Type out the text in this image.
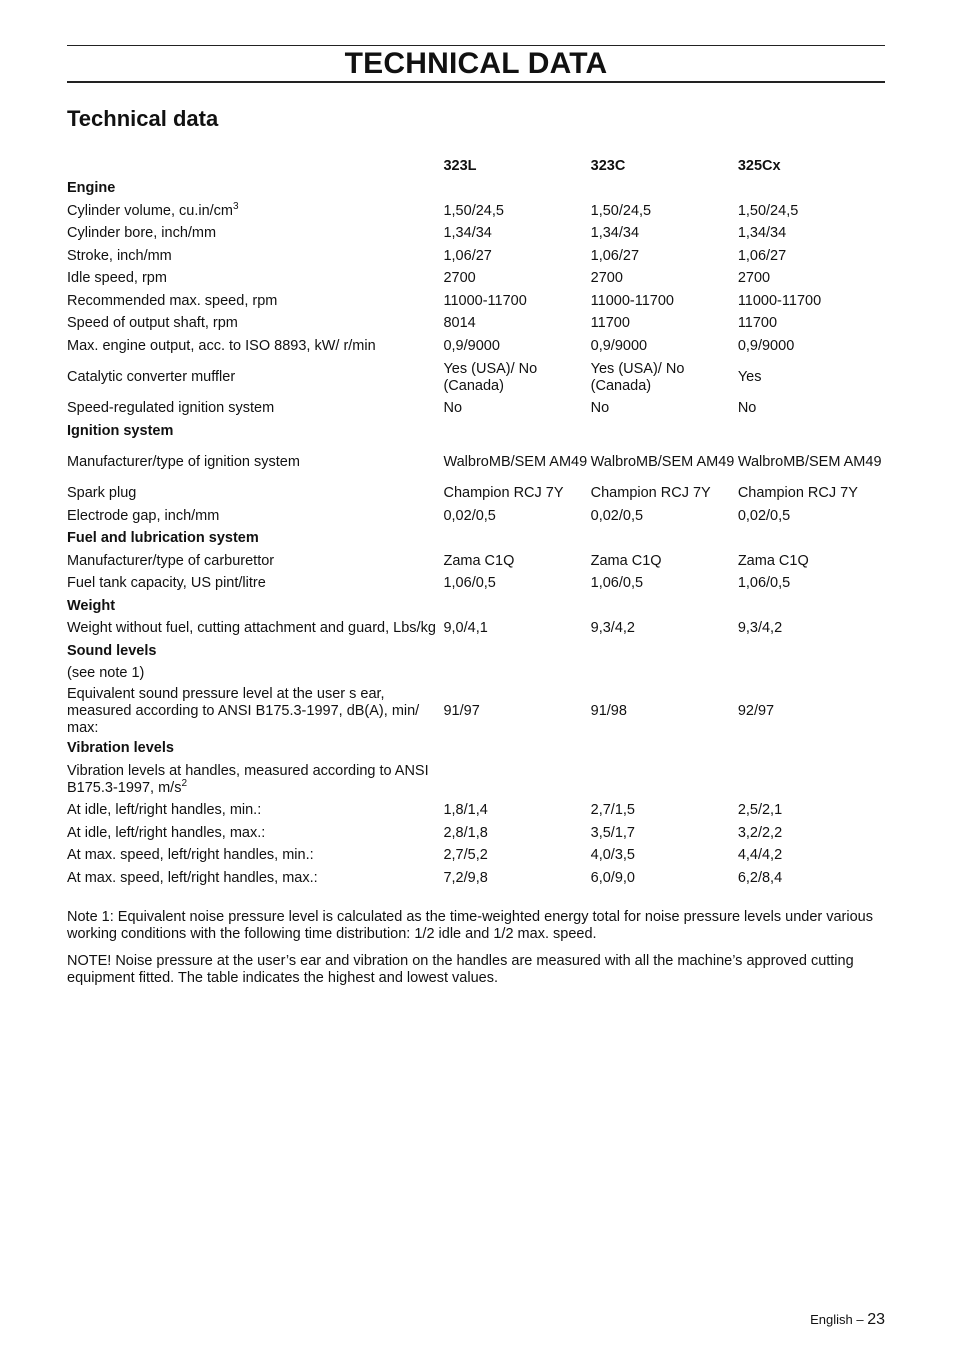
TECHNICAL DATA
Technical data
	323L	323C	325Cx
Engine			
Cylinder volume, $cu.in/cm^3$	1,50/24,5	1,50/24,5	1,50/24,5
Cylinder bore, inch/mm	1,34/34	1,34/34	1,34/34
Stroke, inch/mm	1,06/27	1,06/27	1,06/27
Idle speed, rpm	2700	2700	2700
Recommended max. speed, rpm	11000-11700	11000-11700	11000-11700
Speed of output shaft, rpm	8014	11700	11700
Max. engine output, acc. to ISO 8893, kW/ r/min	0,9/9000	0,9/9000	0,9/9000
Catalytic converter muffler	Yes (USA)/ No (Canada)	Yes (USA)/ No (Canada)	Yes
Speed-regulated ignition system	No	No	No
Ignition system			
Manufacturer/type of ignition system	WalbroMB/SEM AM49	WalbroMB/SEM AM49	WalbroMB/SEM AM49
Spark plug	Champion RCJ 7Y	Champion RCJ 7Y	Champion RCJ 7Y
Electrode gap, inch/mm	0,02/0,5	0,02/0,5	0,02/0,5
Fuel and lubrication system			
Manufacturer/type of carburettor	Zama C1Q	Zama C1Q	Zama C1Q
Fuel tank capacity, US pint/litre	1,06/0,5	1,06/0,5	1,06/0,5
Weight			
Weight without fuel, cutting attachment and guard, Lbs/kg	9,0/4,1	9,3/4,2	9,3/4,2
Sound levels			
(see note 1)			
Equivalent sound pressure level at the user s ear, measured according to ANSI B175.3-1997, dB(A), min/ max:	91/97	91/98	92/97
Vibration levels			
Vibration levels at handles, measured according to ANSI B175.3-1997, $m/s^2$			
At idle, left/right handles, min.:	1,8/1,4	2,7/1,5	2,5/2,1
At idle, left/right handles, max.:	2,8/1,8	3,5/1,7	3,2/2,2
At max. speed, left/right handles, min.:	2,7/5,2	4,0/3,5	4,4/4,2
At max. speed, left/right handles, max.:	7,2/9,8	6,0/9,0	6,2/8,4

Note 1: Equivalent noise pressure level is calculated as the time-weighted energy total for noise pressure levels under various working conditions with the following time distribution: 1/2 idle and 1/2 max. speed.

NOTE! Noise pressure at the user’s ear and vibration on the handles are measured with all the machine’s approved cutting equipment fitted. The table indicates the highest and lowest values.

English – 23
